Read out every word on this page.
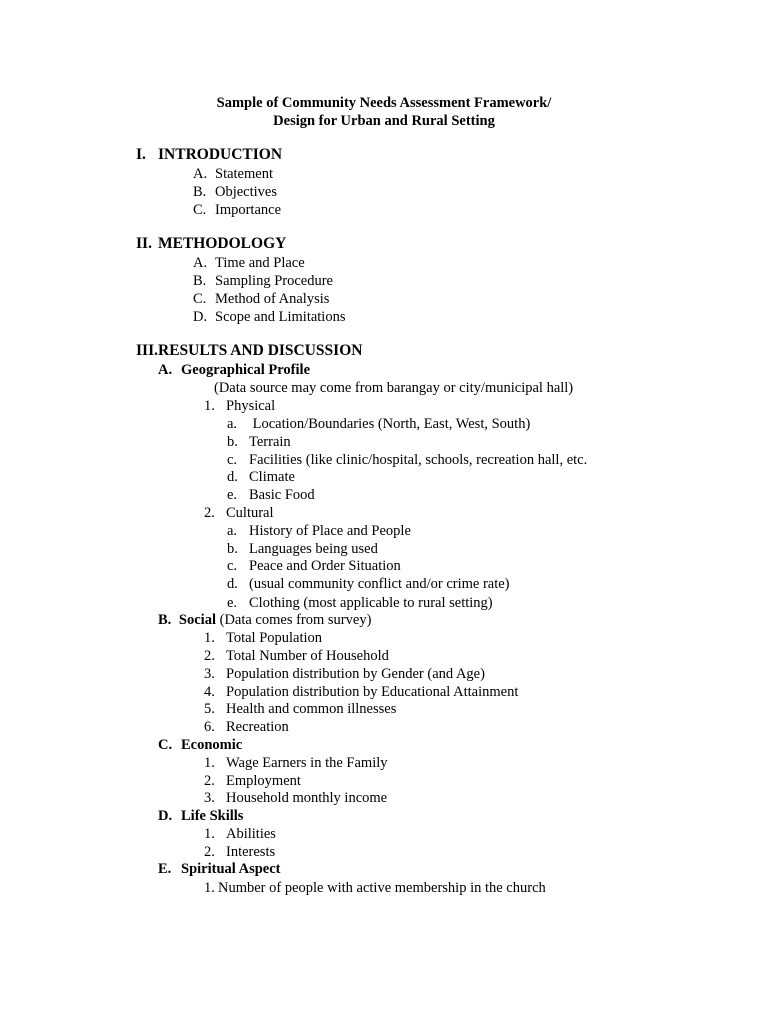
Sample of Community Needs Assessment Framework/
Design for Urban and Rural Setting
I. INTRODUCTION
A. Statement
B. Objectives
C. Importance
II. METHODOLOGY
A. Time and Place
B. Sampling Procedure
C. Method of Analysis
D. Scope and Limitations
III. RESULTS AND DISCUSSION
A. Geographical Profile
(Data source may come from barangay or city/municipal hall)
1. Physical
a. Location/Boundaries (North, East, West, South)
b. Terrain
c. Facilities (like clinic/hospital, schools, recreation hall, etc.
d. Climate
e. Basic Food
2. Cultural
a. History of Place and People
b. Languages being used
c. Peace and Order Situation
d. (usual community conflict and/or crime rate)
e. Clothing (most applicable to rural setting)
B. Social (Data comes from survey)
1. Total Population
2. Total Number of Household
3. Population distribution by Gender (and Age)
4. Population distribution by Educational Attainment
5. Health and common illnesses
6. Recreation
C. Economic
1. Wage Earners in the Family
2. Employment
3. Household monthly income
D. Life Skills
1. Abilities
2. Interests
E. Spiritual Aspect
1. Number of people with active membership in the church
